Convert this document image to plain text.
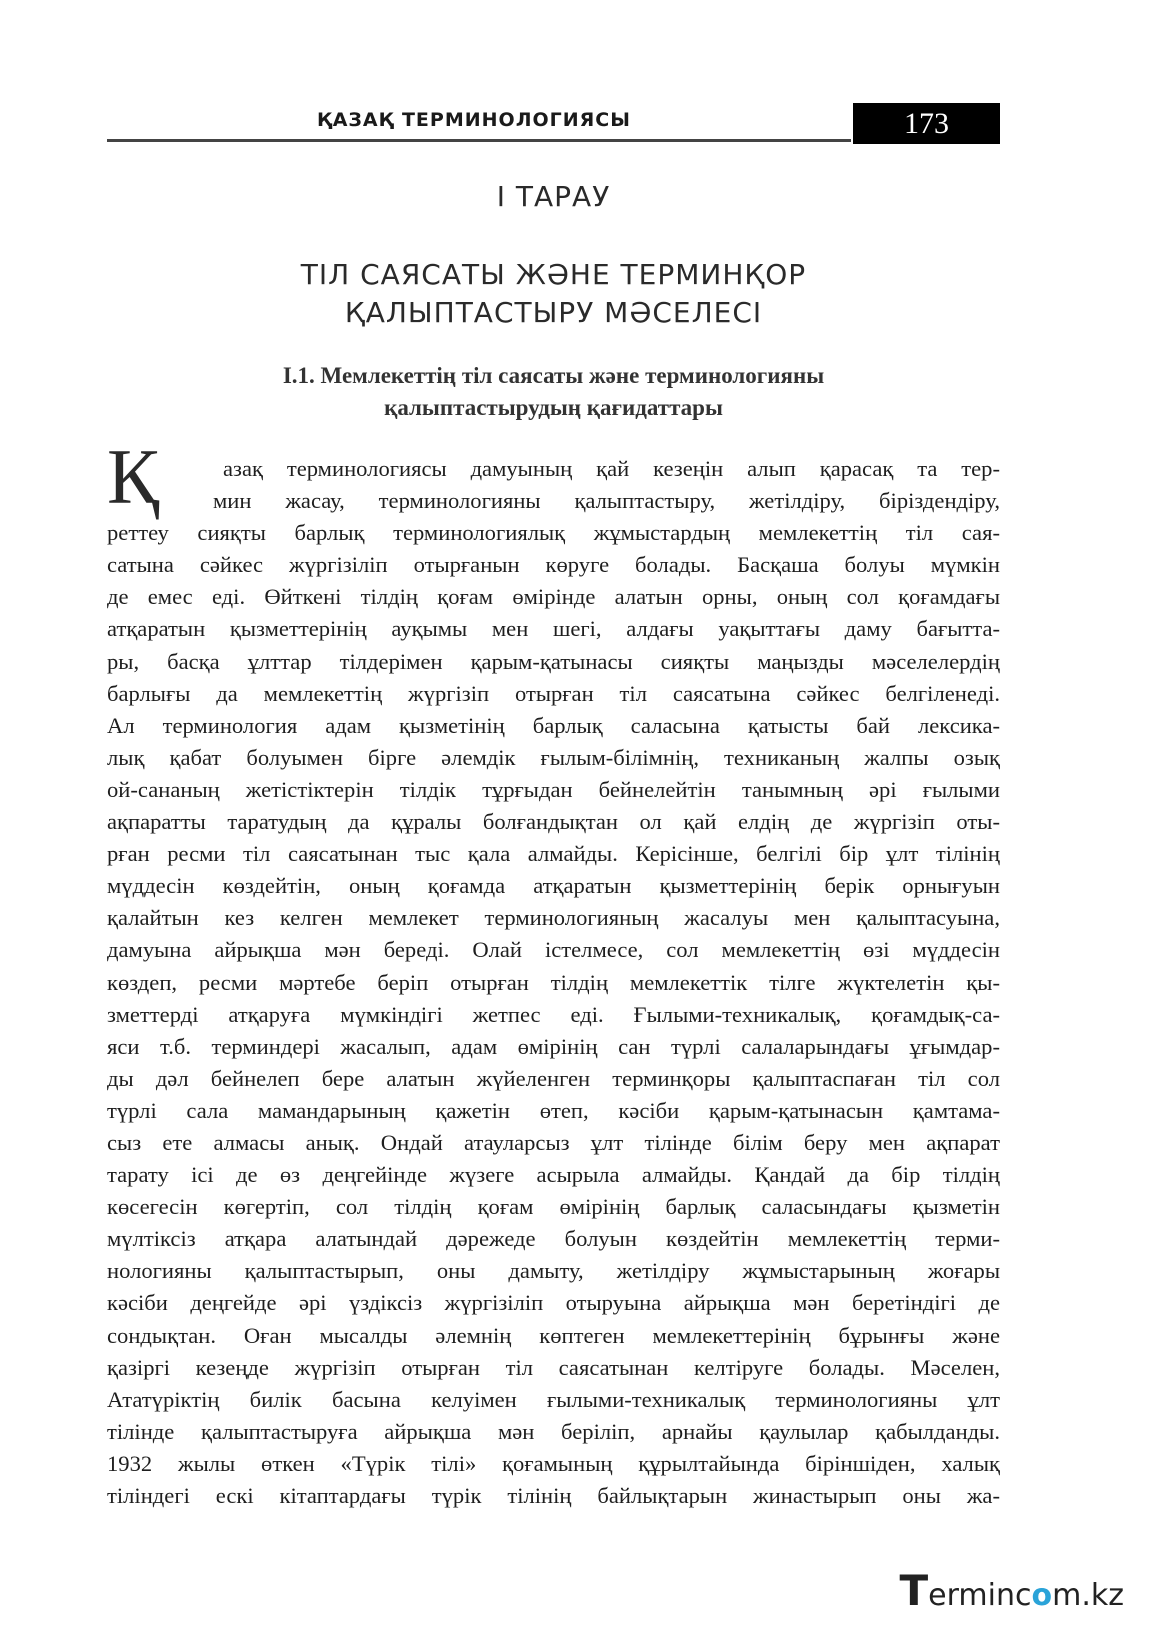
ҚАЗАҚ ТЕРМИНОЛОГИЯСЫ	173
I ТАРАУ
ТІЛ САЯСАТЫ ЖӘНЕ ТЕРМИНҚОР
ҚАЛЫПТАСТЫРУ МӘСЕЛЕСІ
І.1. Мемлекеттің тіл саясаты және терминологияны
қалыптастырудың қағидаттары
Қ	азақ терминологиясы дамуының қай кезеңін алып қарасақ та тер-
мин жасау, терминологияны қалыптастыру, жетілдіру, біріздендіру,
реттеу сияқты барлық терминологиялық жұмыстардың мемлекеттің тіл сая-
сатына сәйкес жүргізіліп отырғанын көруге болады. Басқаша болуы мүмкін
де емес еді. Өйткені тілдің қоғам өмірінде алатын орны, оның сол қоғамдағы
атқаратын қызметтерінің ауқымы мен шегі, алдағы уақыттағы даму бағытта-
ры, басқа ұлттар тілдерімен қарым-қатынасы сияқты маңызды мәселелердің
барлығы да мемлекеттің жүргізіп отырған тіл саясатына сәйкес белгіленеді.
Ал терминология адам қызметінің барлық саласына қатысты бай лексика-
лық қабат болуымен бірге әлемдік ғылым-білімнің, техниканың жалпы озық
ой-сананың жетістіктерін тілдік тұрғыдан бейнелейтін танымның әрі ғылыми
ақпаратты таратудың да құралы болғандықтан ол қай елдің де жүргізіп оты-
рған ресми тіл саясатынан тыс қала алмайды. Керісінше, белгілі бір ұлт тілінің
мүддесін көздейтін, оның қоғамда атқаратын қызметтерінің берік орнығуын
қалайтын кез келген мемлекет терминологияның жасалуы мен қалыптасуына,
дамуына айрықша мән береді. Олай істелмесе, сол мемлекеттің өзі мүддесін
көздеп, ресми мәртебе беріп отырған тілдің мемлекеттік тілге жүктелетін қы-
зметтерді атқаруға мүмкіндігі жетпес еді. Ғылыми-техникалық, қоғамдық-са-
яси т.б. терминдері жасалып, адам өмірінің сан түрлі салаларындағы ұғымдар-
ды дәл бейнелеп бере алатын жүйеленген терминқоры қалыптаспаған тіл сол
түрлі сала мамандарының қажетін өтеп, кәсіби қарым-қатынасын қамтама-
сыз ете алмасы анық. Ондай атауларсыз ұлт тілінде білім беру мен ақпарат
тарату ісі де өз деңгейінде жүзеге асырыла алмайды. Қандай да бір тілдің
көсегесін көгертіп, сол тілдің қоғам өмірінің барлық саласындағы қызметін
мүлтіксіз атқара алатындай дәрежеде болуын көздейтін мемлекеттің терми-
нологияны қалыптастырып, оны дамыту, жетілдіру жұмыстарының жоғары
кәсіби деңгейде әрі үздіксіз жүргізіліп отыруына айрықша мән беретіндігі де
сондықтан. Оған мысалды әлемнің көптеген мемлекеттерінің бұрынғы және
қазіргі кезеңде жүргізіп отырған тіл саясатынан келтіруге болады. Мәселен,
Ататүріктің билік басына келуімен ғылыми-техникалық терминологияны ұлт
тілінде қалыптастыруға айрықша мән беріліп, арнайы қаулылар қабылданды.
1932 жылы өткен «Түрік тілі» қоғамының құрылтайында біріншіден, халық
тіліндегі ескі кітаптардағы түрік тілінің байлықтарын жинастырып оны жа-
Termincom.kz
